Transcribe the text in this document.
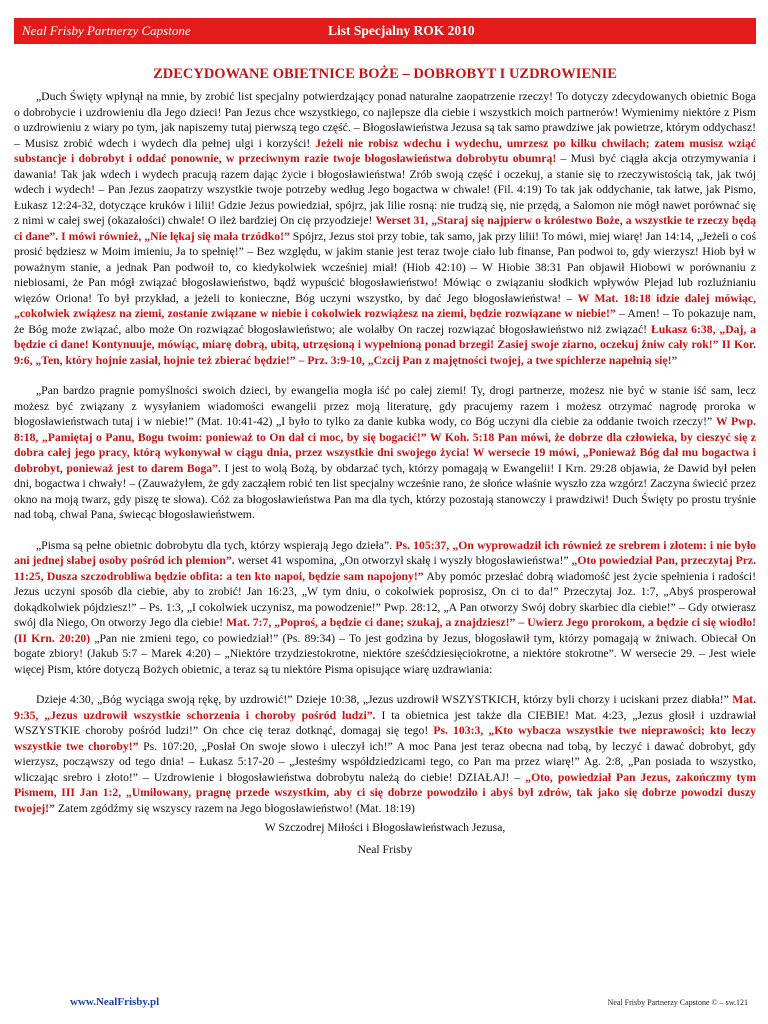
Neal Frisby Partnerzy Capstone	List Specjalny ROK 2010
ZDECYDOWANE OBIETNICE BOŻE – DOBROBYT I UZDROWIENIE

„Duch Święty wpłynął na mnie, by zrobić list specjalny potwierdzający ponad naturalne zaopatrzenie rzeczy! To dotyczy zdecydowanych obietnic Boga o dobrobycie i uzdrowieniu dla Jego dzieci! Pan Jezus chce wszystkiego, co najlepsze dla ciebie i wszystkich moich partnerów! Wymienimy niektóre z Pism o uzdrowieniu z wiary po tym, jak napiszemy tutaj pierwszą tego część. – Błogosławieństwa Jezusa są tak samo prawdziwe jak powietrze, którym oddychasz! – Musisz zrobić wdech i wydech dla pełnej ulgi i korzyści! Jeżeli nie robisz wdechu i wydechu, umrzesz po kilku chwilach; zatem musisz wziąć substancje i dobrobyt i oddać ponownie, w przeciwnym razie twoje błogosławieństwa dobrobytu obumrą! – Musi być ciągła akcja otrzymywania i dawania! Tak jak wdech i wydech pracują razem dając życie i błogosławieństwa! Zrób swoją część i oczekuj, a stanie się to rzeczywistością tak, jak twój wdech i wydech! – Pan Jezus zaopatrzy wszystkie twoje potrzeby według Jego bogactwa w chwale! (Fil. 4:19) To tak jak oddychanie, tak łatwe, jak Pismo, Łukasz 12:24-32, dotyczące kruków i lilii! Gdzie Jezus powiedział, spójrz, jak lilie rosną: nie trudzą się, nie przędą, a Salomon nie mógł nawet porównać się z nimi w całej swej (okazałości) chwale! O ileż bardziej On cię przyodzieje! Werset 31, „Staraj się najpierw o królestwo Boże, a wszystkie te rzeczy będą ci dane”. I mówi również, „Nie lękaj się mała trzódko!” Spójrz, Jezus stoi przy tobie, tak samo, jak przy lilii! To mówi, miej wiarę! Jan 14:14, „Jeżeli o coś prosić będziesz w Moim imieniu, Ja to spełnię!” – Bez względu, w jakim stanie jest teraz twoje ciało lub finanse, Pan podwoi to, gdy wierzysz! Hiob był w poważnym stanie, a jednak Pan podwoił to, co kiedykolwiek wcześniej miał! (Hiob 42:10) – W Hiobie 38:31 Pan objawił Hiobowi w porównaniu z niebiosami, że Pan mógł związać błogosławieństwo, bądź wypuścić błogosławieństwo! Mówiąc o związaniu słodkich wpływów Plejad lub rozluźnianiu więzów Oriona! To był przykład, a jeżeli to konieczne, Bóg uczyni wszystko, by dać Jego błogosławieństwa! – W Mat. 18:18 idzie dalej mówiąc, „cokolwiek zwiążesz na ziemi, zostanie związane w niebie i cokolwiek rozwiążesz na ziemi, będzie rozwiązane w niebie!” – Amen! – To pokazuje nam, że Bóg może związać, albo może On rozwiązać błogosławieństwo; ale wolałby On raczej rozwiązać błogosławieństwo niż związać! Łukasz 6:38, „Daj, a będzie ci dane! Kontynuuje, mówiąc, miarę dobrą, ubitą, utrzęsioną i wypełnioną ponad brzegi! Zasiej swoje ziarno, oczekuj żniw cały rok!” II Kor. 9:6, „Ten, który hojnie zasiał, hojnie też zbierać będzie!” – Prz. 3:9-10, „Czcij Pan z majętności twojej, a twe spichlerze napełnią się!”

„Pan bardzo pragnie pomyślności swoich dzieci, by ewangelia mogła iść po całej ziemi! Ty, drogi partnerze, możesz nie być w stanie iść sam, lecz możesz być związany z wysyłaniem wiadomości ewangelii przez moją literaturę, gdy pracujemy razem i możesz otrzymać nagrodę proroka w błogosławieństwach tutaj i w niebie!” (Mat. 10:41-42) „I było to tylko za danie kubka wody, co Bóg uczyni dla ciebie za oddanie twoich rzeczy!” W Pwp. 8:18, „Pamiętaj o Panu, Bogu twoim: ponieważ to On dał ci moc, by się bogacić!” W Koh. 5:18 Pan mówi, że dobrze dla człowieka, by cieszyć się z dobra całej jego pracy, którą wykonywał w ciągu dnia, przez wszystkie dni swojego życia! W wersecie 19 mówi, „Ponieważ Bóg dał mu bogactwa i dobrobyt, ponieważ jest to darem Boga”. I jest to wolą Bożą, by obdarzać tych, którzy pomagają w Ewangelii! I Krn. 29:28 objawia, że Dawid był pełen dni, bogactwa i chwały! – (Zauważyłem, że gdy zacząłem robić ten list specjalny wcześnie rano, że słońce właśnie wyszło zza wzgórz! Zaczyna świecić przez okno na moją twarz, gdy piszę te słowa). Cóż za błogosławieństwa Pan ma dla tych, którzy pozostają stanowczy i prawdziwi! Duch Święty po prostu tryśnie nad tobą, chwal Pana, świecąc błogosławieństwem.

„Pisma są pełne obietnic dobrobytu dla tych, którzy wspierają Jego dzieła”. Ps. 105:37, „On wyprowadził ich również ze srebrem i złotem: i nie było ani jednej słabej osoby pośród ich plemion”. werset 41 wspomina, „On otworzył skałę i wyszły błogosławieństwa!” „Oto powiedział Pan, przeczytaj Prz. 11:25, Dusza szczodrobliwa będzie obfita: a ten kto napoi, będzie sam napojony!” Aby pomóc przesłać dobrą wiadomość jest życie spełnienia i radości! Jezus uczyni sposób dla ciebie, aby to zrobić! Jan 16:23, „W tym dniu, o cokolwiek poprosisz, On ci to da!” Przeczytaj Joz. 1:7, „Abyś prosperował dokądkolwiek pójdziesz!” – Ps. 1:3, „I cokolwiek uczynisz, ma powodzenie!” Pwp. 28:12, „A Pan otworzy Swój dobry skarbiec dla ciebie!” – Gdy otwierasz swój dla Niego, On otworzy Jego dla ciebie! Mat. 7:7, „Poproś, a będzie ci dane; szukaj, a znajdziesz!” – Uwierz Jego prorokom, a będzie ci się wiodło! (II Krn. 20:20) „Pan nie zmieni tego, co powiedział!” (Ps. 89:34) – To jest godzina by Jezus, błogosławił tym, którzy pomagają w żniwach. Obiecał On bogate zbiory! (Jakub 5:7 – Marek 4:20) – „Niektóre trzydziestokrotne, niektóre sześćdziesięciokrotne, a niektóre stokrotne”. W wersecie 29. – Jest wiele więcej Pism, które dotyczą Bożych obietnic, a teraz są tu niektóre Pisma opisujące wiarę uzdrawiania:

Dzieje 4:30, „Bóg wyciąga swoją rękę, by uzdrowić!” Dzieje 10:38, „Jezus uzdrowił WSZYSTKICH, którzy byli chorzy i uciskani przez diabła!” Mat. 9:35, „Jezus uzdrowił wszystkie schorzenia i choroby pośród ludzi”. I ta obietnica jest także dla CIEBIE! Mat. 4:23, „Jezus głosił i uzdrawiał WSZYSTKIE choroby pośród ludzi!” On chce cię teraz dotknąć, domagaj się tego! Ps. 103:3, „Kto wybacza wszystkie twe nieprawości; kto leczy wszystkie twe choroby!” Ps. 107:20, „Posłał On swoje słowo i uleczył ich!” A moc Pana jest teraz obecna nad tobą, by leczyć i dawać dobrobyt, gdy wierzysz, począwszy od tego dnia! – Łukasz 5:17-20 – „Jesteśmy współdziedzicami tego, co Pan ma przez wiarę!” Ag. 2:8, „Pan posiada to wszystko, wliczając srebro i złoto!” – Uzdrowienie i błogosławieństwa dobrobytu należą do ciebie! DZIAŁAJ! – „Oto, powiedział Pan Jezus, zakończmy tym Pismem, III Jan 1:2, „Umiłowany, pragnę przede wszystkim, aby ci się dobrze powodziło i abyś był zdrów, tak jako się dobrze powodzi duszy twojej!” Zatem zgódźmy się wszyscy razem na Jego błogosławieństwo! (Mat. 18:19)

W Szczodrej Miłości i Błogosławieństwach Jezusa,
Neal Frisby
www.NealFrisby.pl	Neal Frisby Partnerzy Capstone © – sw.121
